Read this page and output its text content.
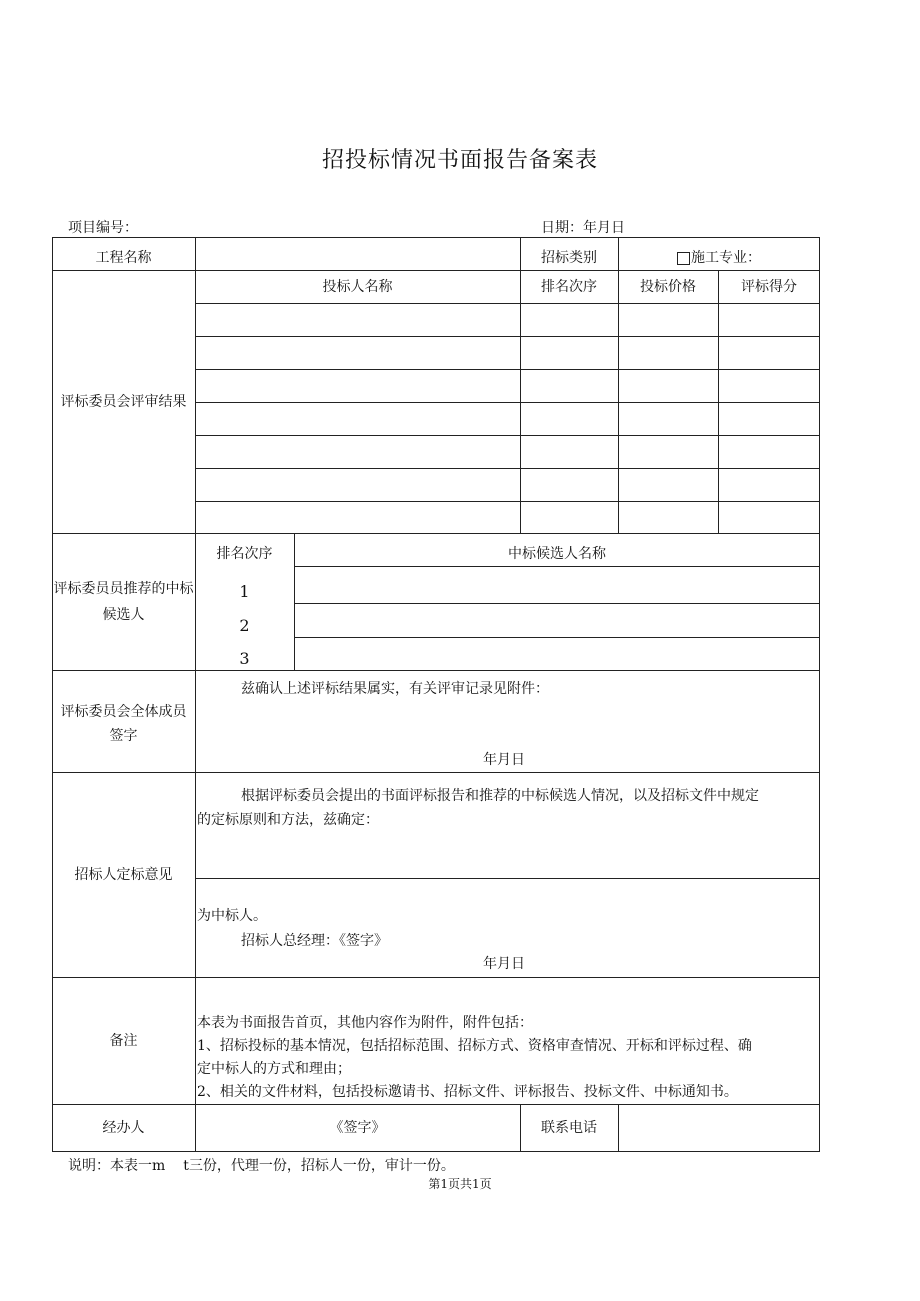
招投标情况书面报告备案表
项目编号：	日期：年月日
工程名称	招标类别	施工专业：
评标委员会评审结果
投标人名称	排名次序	投标价格	评标得分
评标委员员推荐的中标
候选人
排名次序	中标候选人名称
1
2
3
评标委员会全体成员
签字
兹确认上述评标结果属实，有关评审记录见附件：
年月日
招标人定标意见
根据评标委员会提出的书面评标报告和推荐的中标候选人情况，以及招标文件中规定
的定标原则和方法，兹确定：
为中标人。
招标人总经理：《签字》
年月日
备注
本表为书面报告首页，其他内容作为附件，附件包括：
1、招标投标的基本情况，包括招标范围、招标方式、资格审查情况、开标和评标过程、确
定中标人的方式和理由；
2、相关的文件材料，包括投标邀请书、招标文件、评标报告、投标文件、中标通知书。
经办人	《签字》	联系电话
说明：本表一m t三份，代理一份，招标人一份，审计一份。
第1页共1页
